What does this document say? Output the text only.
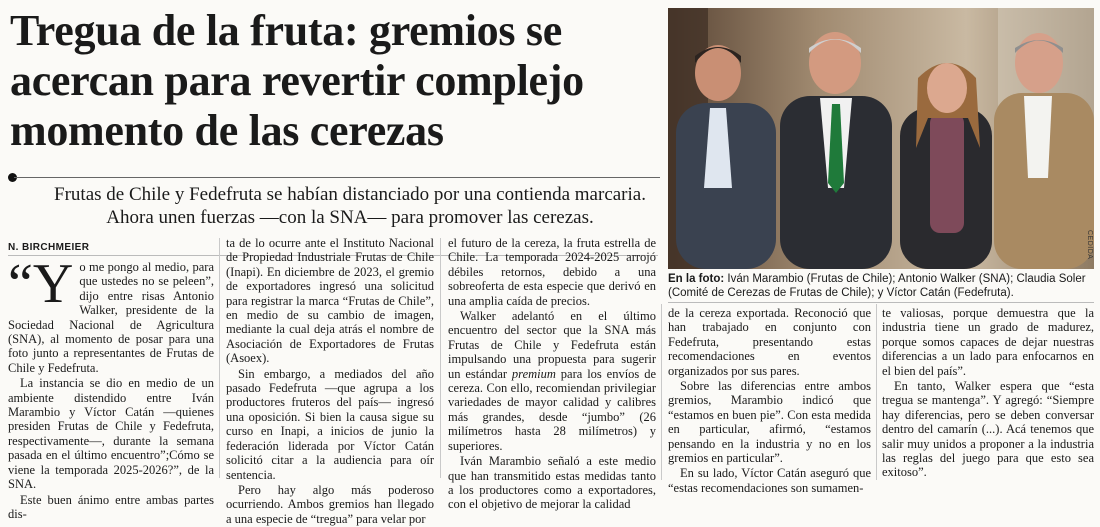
Tregua de la fruta: gremios se acercan para revertir complejo momento de las cerezas
Frutas de Chile y Fedefruta se habían distanciado por una contienda marcaria. Ahora unen fuerzas —con la SNA— para promover las cerezas.
N. BIRCHMEIER

“Y o me pongo al medio, para que ustedes no se peleen”, dijo entre risas Antonio Walker, presidente de la Sociedad Nacional de Agricultura (SNA), al momento de posar para una foto junto a representantes de Frutas de Chile y Fedefruta.

La instancia se dio en medio de un ambiente distendido entre Iván Marambio y Víctor Catán —quienes presiden Frutas de Chile y Fedefruta, respectivamente—, durante la semana pasada en el último encuentro”;Cómo se viene la temporada 2025-2026?”, de la SNA.

Este buen ánimo entre ambas partes dis-

ta de lo ocurre ante el Instituto Nacional de Propiedad Industriale Frutas de Chile (Inapi). En diciembre de 2023, el gremio de exportadores ingresó una solicitud para registrar la marca “Frutas de Chile”, en medio de su cambio de imagen, mediante la cual deja atrás el nombre de Asociación de Exportadores de Frutas (Asoex).

Sin embargo, a mediados del año pasado Fedefruta —que agrupa a los productores fruteros del país— ingresó una oposición. Si bien la causa sigue su curso en Inapi, a inicios de junio la federación liderada por Víctor Catán solicitó citar a la audiencia para oír sentencia.

Pero hay algo más poderoso ocurriendo. Ambos gremios han llegado a una especie de “tregua” para velar por

el futuro de la cereza, la fruta estrella de Chile. La temporada 2024-2025 arrojó débiles retornos, debido a una sobreoferta de esta especie que derivó en una amplia caída de precios.

Walker adelantó en el último encuentro del sector que la SNA más Frutas de Chile y Fedefruta están impulsando una propuesta para sugerir un estándar premium para los envíos de cereza. Con ello, recomiendan privilegiar variedades de mayor calidad y calibres más grandes, desde “jumbo” (26 milímetros hasta 28 milímetros) y superiores.

Iván Marambio señaló a este medio que han transmitido estas medidas tanto a los productores como a exportadores, con el objetivo de mejorar la calidad

CEDIDA
En la foto: Iván Marambio (Frutas de Chile); Antonio Walker (SNA); Claudia Soler (Comité de Cerezas de Frutas de Chile); y Víctor Catán (Fedefruta).

de la cereza exportada. Reconoció que han trabajado en conjunto con Fedefruta, presentando estas recomendaciones en eventos organizados por sus pares.

Sobre las diferencias entre ambos gremios, Marambio indicó que “estamos en buen pie”. Con esta medida en particular, afirmó, “estamos pensando en la industria y no en los gremios en particular”.

En su lado, Víctor Catán aseguró que “estas recomendaciones son sumamen-

te valiosas, porque demuestra que la industria tiene un grado de madurez, porque somos capaces de dejar nuestras diferencias a un lado para enfocarnos en el bien del país”.

En tanto, Walker espera que “esta tregua se mantenga”. Y agregó: “Siempre hay diferencias, pero se deben conversar dentro del camarín (...). Acá tenemos que salir muy unidos a proponer a la industria las reglas del juego para que esto sea exitoso”.
